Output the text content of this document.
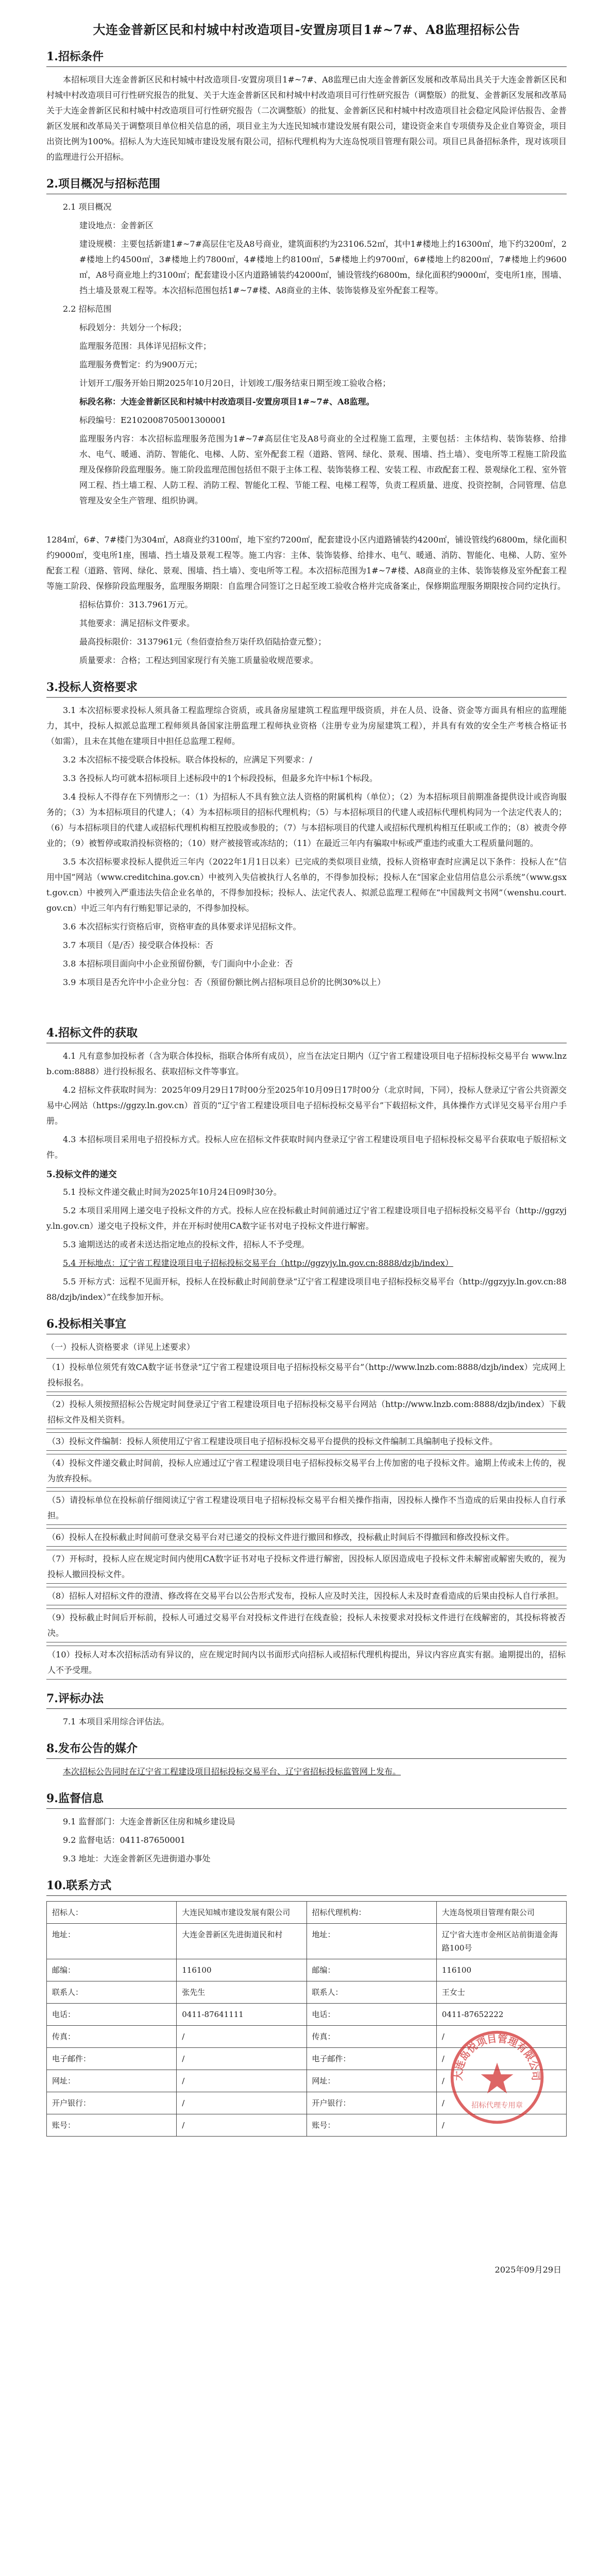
大连金普新区民和村城中村改造项目-安置房项目1#~7#、A8监理招标公告
1.招标条件
本招标项目大连金普新区民和村城中村改造项目-安置房项目1#~7#、A8监理已由大连金普新区发展和改革局出具关于大连金普新区民和村城中村改造项目可行性研究报告的批复、关于大连金普新区民和村城中村改造项目可行性研究报告（调整版）的批复、金普新区发展和改革局关于大连金普新区民和村城中村改造项目可行性研究报告（二次调整版）的批复、金普新区民和村城中村改造项目社会稳定风险评估报告、金普新区发展和改革局关于调整项目单位相关信息的函，项目业主为大连民知城市建设发展有限公司，建设资金来自专项债券及企业自筹资金，项目出资比例为100%。招标人为大连民知城市建设发展有限公司，招标代理机构为大连岛悦项目管理有限公司。项目已具备招标条件，现对该项目的监理进行公开招标。
2.项目概况与招标范围
2.1 项目概况
建设地点：金普新区
建设规模：主要包括新建1#~7#高层住宅及A8号商业，建筑面积约为23106.52㎡，其中1#楼地上约16300㎡，地下约3200㎡，2#楼地上约4500㎡，3#楼地上约7800㎡，4#楼地上约8100㎡，5#楼地上约9700㎡，6#楼地上约8200㎡，7#楼地上约9600㎡，A8号商业地上约3100㎡；配套建设小区内道路铺装约42000㎡，铺设管线约6800m，绿化面积约9000㎡，变电所1座，围墙、挡土墙及景观工程等。本次招标范围包括1#~7#楼、A8商业的主体、装饰装修及室外配套工程等。
2.2 招标范围
标段划分：共划分一个标段；
监理服务范围：具体详见招标文件；
监理服务费暂定：约为900万元；
计划开工/服务开始日期2025年10月20日，计划竣工/服务结束日期至竣工验收合格；
标段名称：大连金普新区民和村城中村改造项目-安置房项目1#~7#、A8监理。
标段编号：E2102008705001300001
监理服务内容：本次招标监理服务范围为1#~7#高层住宅及A8号商业的全过程施工监理，主要包括：主体结构、装饰装修、给排水、电气、暖通、消防、智能化、电梯、人防、室外配套工程（道路、管网、绿化、景观、围墙、挡土墙）、变电所等工程施工阶段监理及保修阶段监理服务。施工阶段监理范围包括但不限于主体工程、装饰装修工程、安装工程、市政配套工程、景观绿化工程、室外管网工程、挡土墙工程、人防工程、消防工程、智能化工程、节能工程、电梯工程等，负责工程质量、进度、投资控制，合同管理、信息管理及安全生产管理、组织协调。
1284㎡，6#、7#楼门为304㎡，A8商业约3100㎡，地下室约7200㎡，配套建设小区内道路铺装约4200㎡，铺设管线约6800m，绿化面积约9000㎡，变电所1座，围墙、挡土墙及景观工程等。施工内容：主体、装饰装修、给排水、电气、暖通、消防、智能化、电梯、人防、室外配套工程（道路、管网、绿化、景观、围墙、挡土墙）、变电所等工程。本次招标范围为1#~7#楼、A8商业的主体、装饰装修及室外配套工程等施工阶段、保修阶段监理服务，监理服务期限：自监理合同签订之日起至竣工验收合格并完成备案止，保修期监理服务期限按合同约定执行。
招标估算价：313.7961万元。
其他要求：满足招标文件要求。
最高投标限价：3137961元（叁佰壹拾叁万柒仟玖佰陆拾壹元整）；
质量要求：合格；工程达到国家现行有关施工质量验收规范要求。
3.投标人资格要求
3.1 本次招标要求投标人须具备工程监理综合资质，或具备房屋建筑工程监理甲级资质，并在人员、设备、资金等方面具有相应的监理能力，其中，投标人拟派总监理工程师须具备国家注册监理工程师执业资格（注册专业为房屋建筑工程），并具有有效的安全生产考核合格证书（如需），且未在其他在建项目中担任总监理工程师。
3.2 本次招标不接受联合体投标。联合体投标的，应满足下列要求：/
3.3 各投标人均可就本招标项目上述标段中的1个标段投标，但最多允许中标1个标段。
3.4 投标人不得存在下列情形之一：（1）为招标人不具有独立法人资格的附属机构（单位）；（2）为本招标项目前期准备提供设计或咨询服务的；（3）为本招标项目的代建人；（4）为本招标项目的招标代理机构；（5）与本招标项目的代建人或招标代理机构同为一个法定代表人的；（6）与本招标项目的代建人或招标代理机构相互控股或参股的；（7）与本招标项目的代建人或招标代理机构相互任职或工作的；（8）被责令停业的；（9）被暂停或取消投标资格的；（10）财产被接管或冻结的；（11）在最近三年内有骗取中标或严重违约或重大工程质量问题的。
3.5 本次招标要求投标人提供近三年内（2022年1月1日以来）已完成的类似项目业绩，投标人资格审查时应满足以下条件：投标人在“信用中国”网站（www.creditchina.gov.cn）中被列入失信被执行人名单的，不得参加投标；投标人在“国家企业信用信息公示系统”（www.gsxt.gov.cn）中被列入严重违法失信企业名单的，不得参加投标；投标人、法定代表人、拟派总监理工程师在“中国裁判文书网”（wenshu.court.gov.cn）中近三年内有行贿犯罪记录的，不得参加投标。
3.6 本次招标实行资格后审，资格审查的具体要求详见招标文件。
3.7 本项目（是/否）接受联合体投标：否
3.8 本招标项目面向中小企业预留份额，专门面向中小企业：否
3.9 本项目是否允许中小企业分包：否（预留份额比例占招标项目总价的比例30%以上）
4.招标文件的获取
4.1 凡有意参加投标者（含为联合体投标，指联合体所有成员），应当在法定日期内（辽宁省工程建设项目电子招标投标交易平台 www.lnzb.com:8888）进行投标报名、获取招标文件等事宜。
4.2 招标文件获取时间为：2025年09月29日17时00分至2025年10月09日17时00分（北京时间，下同），投标人登录辽宁省公共资源交易中心网站（https://ggzy.ln.gov.cn）首页的“辽宁省工程建设项目电子招标投标交易平台”下载招标文件，具体操作方式详见交易平台用户手册。
4.3 本招标项目采用电子招投标方式。投标人应在招标文件获取时间内登录辽宁省工程建设项目电子招标投标交易平台获取电子版招标文件。
5.投标文件的递交
5.1 投标文件递交截止时间为2025年10月24日09时30分。
5.2 本项目采用网上递交电子投标文件的方式。投标人应在投标截止时间前通过辽宁省工程建设项目电子招标投标交易平台（http://ggzyjy.ln.gov.cn）递交电子投标文件，并在开标时使用CA数字证书对电子投标文件进行解密。
5.3 逾期送达的或者未送达指定地点的投标文件，招标人不予受理。
5.4 开标地点：辽宁省工程建设项目电子招标投标交易平台（http://ggzyjy.ln.gov.cn:8888/dzjb/index）
5.5 开标方式：远程不见面开标，投标人在投标截止时间前登录“辽宁省工程建设项目电子招标投标交易平台（http://ggzyjy.ln.gov.cn:8888/dzjb/index）”在线参加开标。
6.投标相关事宜
（一）投标人资格要求（详见上述要求）
（1）投标单位须凭有效CA数字证书登录“辽宁省工程建设项目电子招标投标交易平台”（http://www.lnzb.com:8888/dzjb/index）完成网上投标报名。
（2）投标人须按照招标公告规定时间登录辽宁省工程建设项目电子招标投标交易平台网站（http://www.lnzb.com:8888/dzjb/index）下载招标文件及相关资料。
（3）投标文件编制：投标人须使用辽宁省工程建设项目电子招标投标交易平台提供的投标文件编制工具编制电子投标文件。
（4）投标文件递交截止时间前，投标人应通过辽宁省工程建设项目电子招标投标交易平台上传加密的电子投标文件。逾期上传或未上传的，视为放弃投标。
（5）请投标单位在投标前仔细阅读辽宁省工程建设项目电子招标投标交易平台相关操作指南，因投标人操作不当造成的后果由投标人自行承担。
（6）投标人在投标截止时间前可登录交易平台对已递交的投标文件进行撤回和修改，投标截止时间后不得撤回和修改投标文件。
（7）开标时，投标人应在规定时间内使用CA数字证书对电子投标文件进行解密，因投标人原因造成电子投标文件未解密或解密失败的，视为投标人撤回投标文件。
（8）招标人对招标文件的澄清、修改将在交易平台以公告形式发布，投标人应及时关注，因投标人未及时查看造成的后果由投标人自行承担。
（9）投标截止时间后开标前，投标人可通过交易平台对投标文件进行在线查验；投标人未按要求对投标文件进行在线解密的，其投标将被否决。
（10）投标人对本次招标活动有异议的，应在规定时间内以书面形式向招标人或招标代理机构提出，异议内容应真实有据。逾期提出的，招标人不予受理。
7.评标办法
7.1 本项目采用综合评估法。
8.发布公告的媒介
本次招标公告同时在辽宁省工程建设项目招标投标交易平台、辽宁省招标投标监管网上发布。
9.监督信息
9.1 监督部门：大连金普新区住房和城乡建设局
9.2 监督电话：0411-87650001
9.3 地址：大连金普新区先进街道办事处
10.联系方式
招标人：	大连民知城市建设发展有限公司	招标代理机构：	大连岛悦项目管理有限公司
地址：	大连金普新区先进街道民和村	地址：	辽宁省大连市金州区站前街道金海路100号
邮编：	116100	邮编：	116100
联系人：	张先生	联系人：	王女士
电话：	0411-87641111	电话：	0411-87652222
传真：	/	传真：	/
电子邮件：	/	电子邮件：	/
网址：	/	网址：	/
开户银行：	/	开户银行：	/
账号：	/	账号：	/
大连岛悦项目管理有限公司
招标代理专用章
2025年09月29日
